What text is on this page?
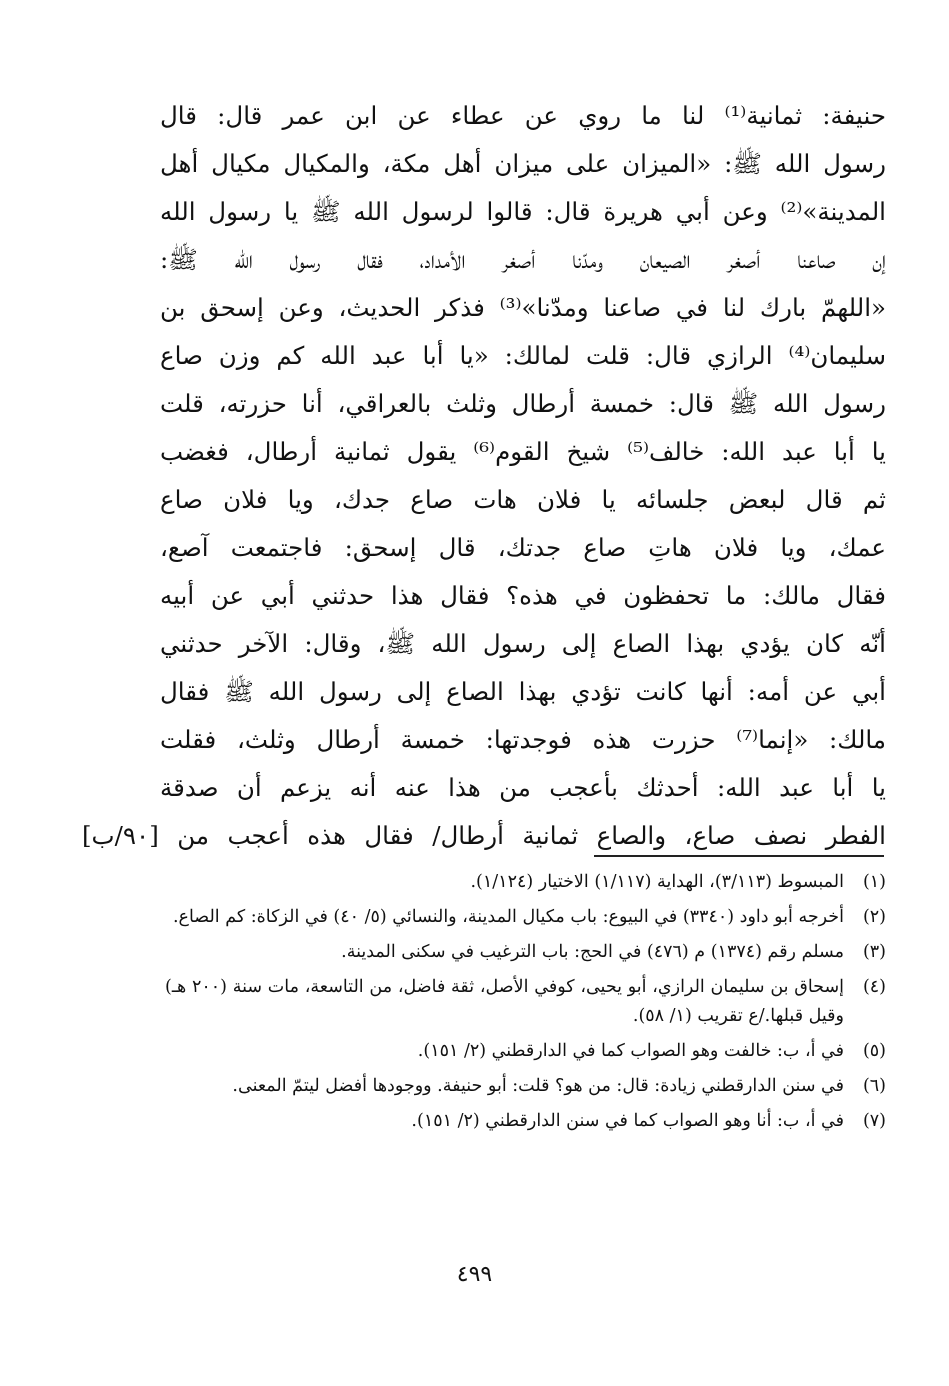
حنيفة: ثمانية⁽¹⁾ لنا ما روي عن عطاء عن ابن عمر قال: قال
رسول الله ﷺ: «الميزان على ميزان أهل مكة، والمكيال مكيال أهل
المدينة»⁽²⁾ وعن أبي هريرة قال: قالوا لرسول الله ﷺ يا رسول الله
إن صاعنا أصغر الصيعان ومدّنا أصغر الأمداد، فقال رسول الله ﷺ:
«اللهمّ بارك لنا في صاعنا ومدّنا»⁽³⁾ فذكر الحديث، وعن إسحق بن
سليمان⁽⁴⁾ الرازي قال: قلت لمالك: «يا أبا عبد الله كم وزن صاع
رسول الله ﷺ قال: خمسة أرطال وثلث بالعراقي، أنا حزرته، قلت
يا أبا عبد الله: خالف⁽⁵⁾ شيخ القوم⁽⁶⁾ يقول ثمانية أرطال، فغضب
ثم قال لبعض جلسائه يا فلان هات صاع جدك، ويا فلان صاع
عمك، ويا فلان هاتِ صاع جدتك، قال إسحق: فاجتمعت آصع،
فقال مالك: ما تحفظون في هذه؟ فقال هذا حدثني أبي عن أبيه
أنّه كان يؤدي بهذا الصاع إلى رسول الله ﷺ، وقال: الآخر حدثني
أبي عن أمه: أنها كانت تؤدي بهذا الصاع إلى رسول الله ﷺ فقال
مالك: «إنما⁽⁷⁾ حزرت هذه فوجدتها: خمسة أرطال وثلث، فقلت
يا أبا عبد الله: أحدثك بأعجب من هذا عنه أنه يزعم أن صدقة
الفطر نصف صاع، والصاع ثمانية أرطال/ فقال هذه أعجب من [٩٠/ب]
(١)
المبسوط (٣/١١٣)، الهداية (١/١١٧) الاختيار (١/١٢٤).
(٢)
أخرجه أبو داود (٣٣٤٠) في البيوع: باب مكيال المدينة، والنسائي (٥/ ٤٠) في الزكاة: كم الصاع.
(٣)
مسلم رقم (١٣٧٤) م (٤٧٦) في الحج: باب الترغيب في سكنى المدينة.
(٤)
إسحاق بن سليمان الرازي، أبو يحيى، كوفي الأصل، ثقة فاضل، من التاسعة، مات سنة (٢٠٠ هـ) وقيل قبلها./ع تقريب (١/ ٥٨).
(٥)
في أ، ب: خالفت وهو الصواب كما في الدارقطني (٢/ ١٥١).
(٦)
في سنن الدارقطني زيادة: قال: من هو؟ قلت: أبو حنيفة. ووجودها أفضل ليتمّ المعنى.
(٧)
في أ، ب: أنا وهو الصواب كما في سنن الدارقطني (٢/ ١٥١).
٤٩٩
